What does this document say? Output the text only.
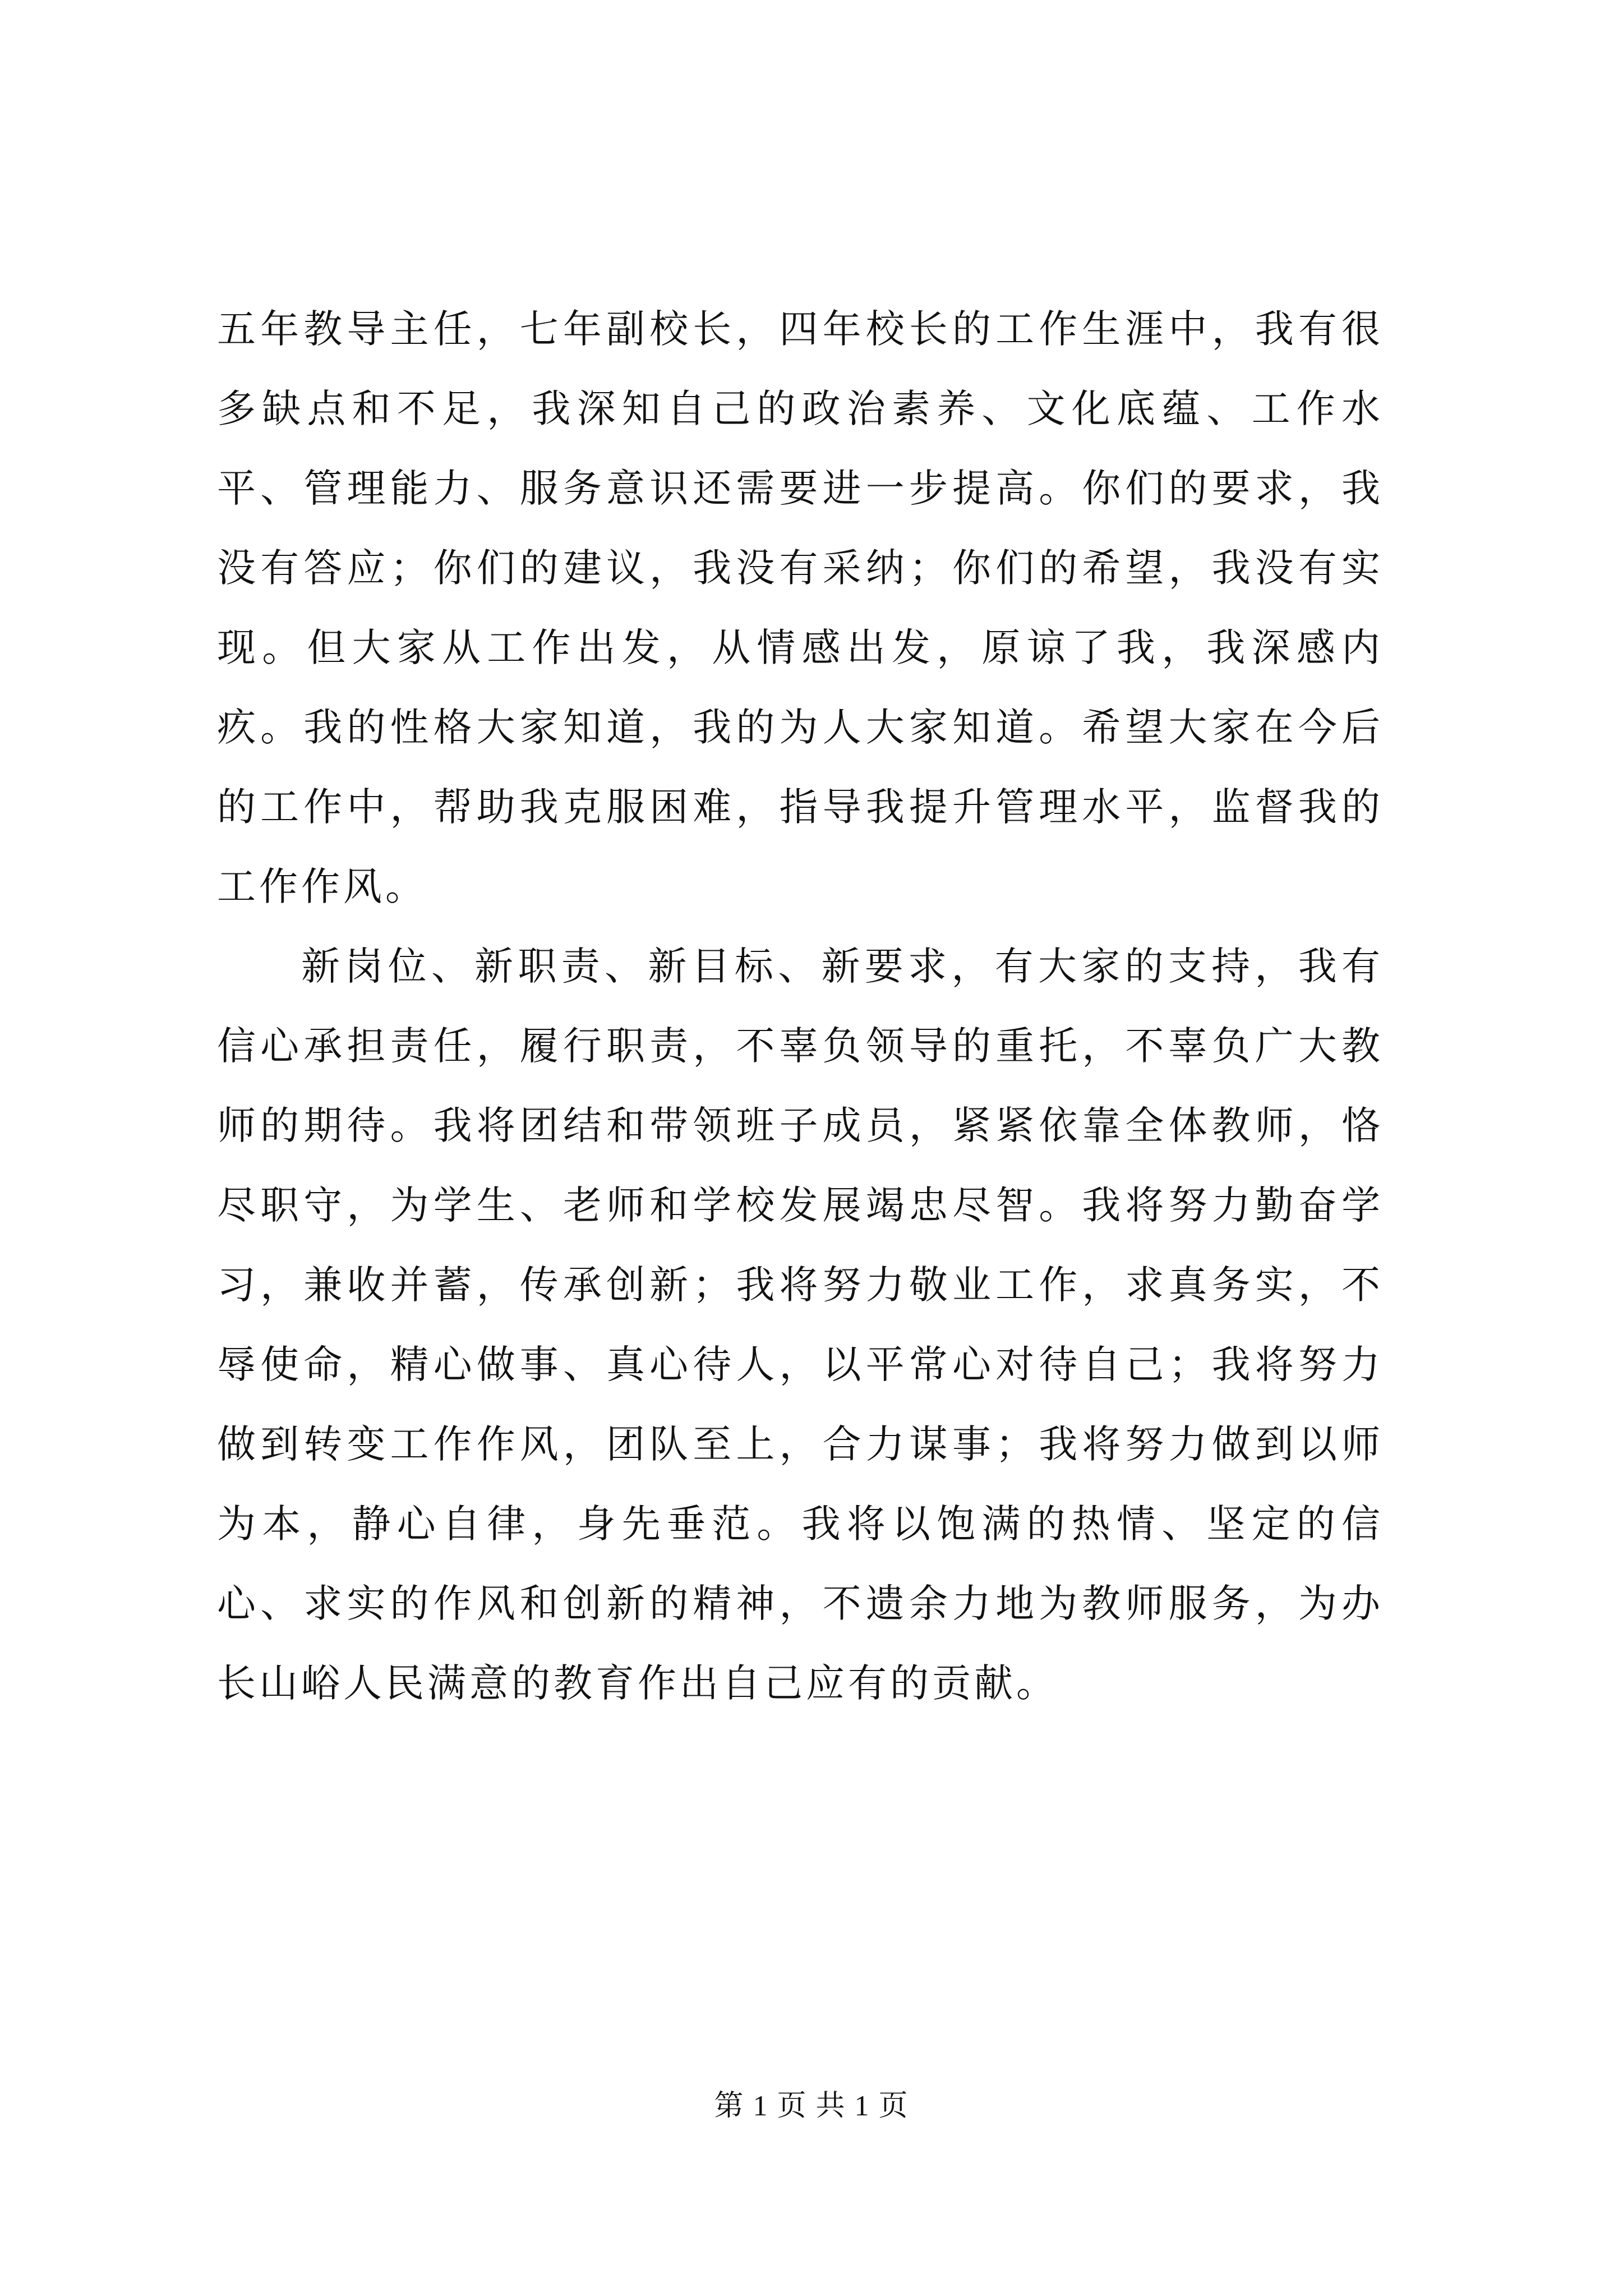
五年教导主任，七年副校长，四年校长的工作生涯中，我有很多缺点和不足，我深知自己的政治素养、文化底蕴、工作水平、管理能力、服务意识还需要进一步提高。你们的要求，我没有答应；你们的建议，我没有采纳；你们的希望，我没有实现。但大家从工作出发，从情感出发，原谅了我，我深感内疚。我的性格大家知道，我的为人大家知道。希望大家在今后的工作中，帮助我克服困难，指导我提升管理水平，监督我的工作作风。

新岗位、新职责、新目标、新要求，有大家的支持，我有信心承担责任，履行职责，不辜负领导的重托，不辜负广大教师的期待。我将团结和带领班子成员，紧紧依靠全体教师，恪尽职守，为学生、老师和学校发展竭忠尽智。我将努力勤奋学习，兼收并蓄，传承创新；我将努力敬业工作，求真务实，不辱使命，精心做事、真心待人，以平常心对待自己；我将努力做到转变工作作风，团队至上，合力谋事；我将努力做到以师为本，静心自律，身先垂范。我将以饱满的热情、坚定的信心、求实的作风和创新的精神，不遗余力地为教师服务，为办长山峪人民满意的教育作出自己应有的贡献。

第 1 页 共 1 页
